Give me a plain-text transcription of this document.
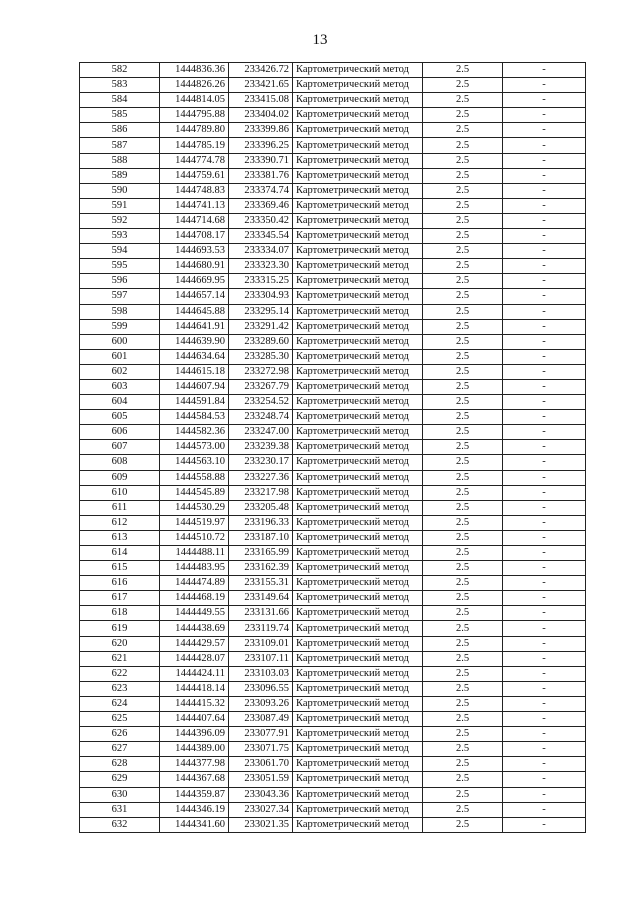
13
582	1444836.36	233426.72	Картометрический метод	2.5	-
583	1444826.26	233421.65	Картометрический метод	2.5	-
584	1444814.05	233415.08	Картометрический метод	2.5	-
585	1444795.88	233404.02	Картометрический метод	2.5	-
586	1444789.80	233399.86	Картометрический метод	2.5	-
587	1444785.19	233396.25	Картометрический метод	2.5	-
588	1444774.78	233390.71	Картометрический метод	2.5	-
589	1444759.61	233381.76	Картометрический метод	2.5	-
590	1444748.83	233374.74	Картометрический метод	2.5	-
591	1444741.13	233369.46	Картометрический метод	2.5	-
592	1444714.68	233350.42	Картометрический метод	2.5	-
593	1444708.17	233345.54	Картометрический метод	2.5	-
594	1444693.53	233334.07	Картометрический метод	2.5	-
595	1444680.91	233323.30	Картометрический метод	2.5	-
596	1444669.95	233315.25	Картометрический метод	2.5	-
597	1444657.14	233304.93	Картометрический метод	2.5	-
598	1444645.88	233295.14	Картометрический метод	2.5	-
599	1444641.91	233291.42	Картометрический метод	2.5	-
600	1444639.90	233289.60	Картометрический метод	2.5	-
601	1444634.64	233285.30	Картометрический метод	2.5	-
602	1444615.18	233272.98	Картометрический метод	2.5	-
603	1444607.94	233267.79	Картометрический метод	2.5	-
604	1444591.84	233254.52	Картометрический метод	2.5	-
605	1444584.53	233248.74	Картометрический метод	2.5	-
606	1444582.36	233247.00	Картометрический метод	2.5	-
607	1444573.00	233239.38	Картометрический метод	2.5	-
608	1444563.10	233230.17	Картометрический метод	2.5	-
609	1444558.88	233227.36	Картометрический метод	2.5	-
610	1444545.89	233217.98	Картометрический метод	2.5	-
611	1444530.29	233205.48	Картометрический метод	2.5	-
612	1444519.97	233196.33	Картометрический метод	2.5	-
613	1444510.72	233187.10	Картометрический метод	2.5	-
614	1444488.11	233165.99	Картометрический метод	2.5	-
615	1444483.95	233162.39	Картометрический метод	2.5	-
616	1444474.89	233155.31	Картометрический метод	2.5	-
617	1444468.19	233149.64	Картометрический метод	2.5	-
618	1444449.55	233131.66	Картометрический метод	2.5	-
619	1444438.69	233119.74	Картометрический метод	2.5	-
620	1444429.57	233109.01	Картометрический метод	2.5	-
621	1444428.07	233107.11	Картометрический метод	2.5	-
622	1444424.11	233103.03	Картометрический метод	2.5	-
623	1444418.14	233096.55	Картометрический метод	2.5	-
624	1444415.32	233093.26	Картометрический метод	2.5	-
625	1444407.64	233087.49	Картометрический метод	2.5	-
626	1444396.09	233077.91	Картометрический метод	2.5	-
627	1444389.00	233071.75	Картометрический метод	2.5	-
628	1444377.98	233061.70	Картометрический метод	2.5	-
629	1444367.68	233051.59	Картометрический метод	2.5	-
630	1444359.87	233043.36	Картометрический метод	2.5	-
631	1444346.19	233027.34	Картометрический метод	2.5	-
632	1444341.60	233021.35	Картометрический метод	2.5	-
